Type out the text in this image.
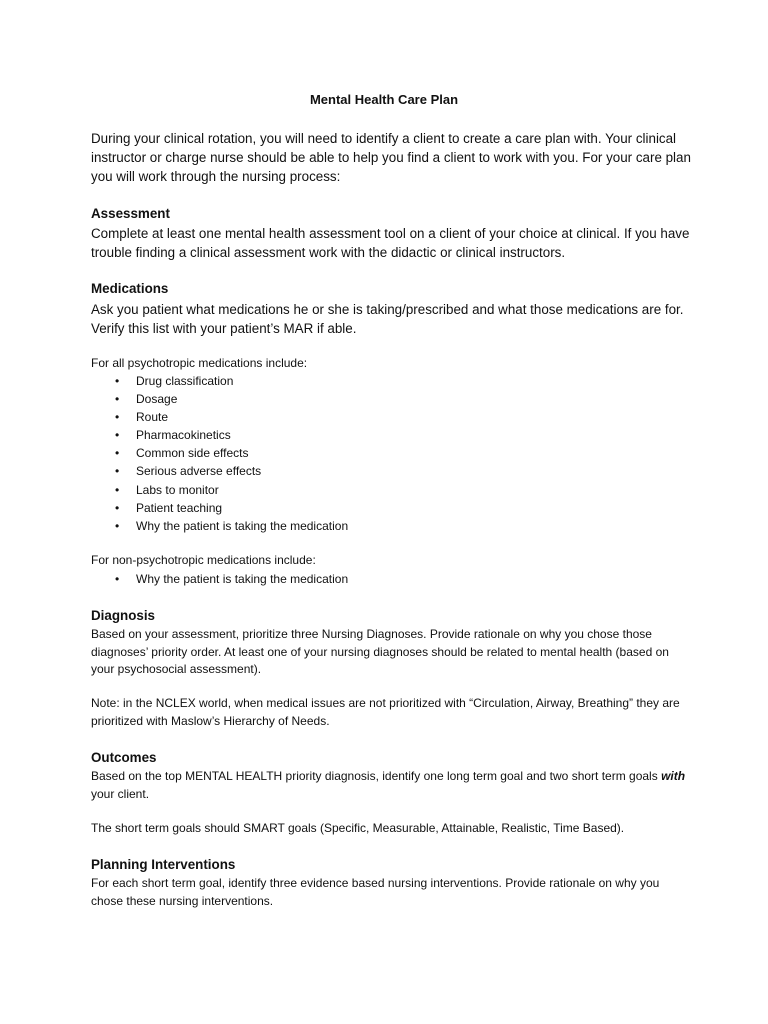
Mental Health Care Plan

During your clinical rotation, you will need to identify a client to create a care plan with. Your clinical instructor or charge nurse should be able to help you find a client to work with you. For your care plan you will work through the nursing process:

Assessment

Complete at least one mental health assessment tool on a client of your choice at clinical. If you have trouble finding a clinical assessment work with the didactic or clinical instructors.

Medications

Ask you patient what medications he or she is taking/prescribed and what those medications are for. Verify this list with your patient’s MAR if able.

For all psychotropic medications include:

• Drug classification
• Dosage
• Route
• Pharmacokinetics
• Common side effects
• Serious adverse effects
• Labs to monitor
• Patient teaching
• Why the patient is taking the medication

For non-psychotropic medications include:

• Why the patient is taking the medication

Diagnosis

Based on your assessment, prioritize three Nursing Diagnoses. Provide rationale on why you chose those diagnoses’ priority order. At least one of your nursing diagnoses should be related to mental health (based on your psychosocial assessment).

Note: in the NCLEX world, when medical issues are not prioritized with “Circulation, Airway, Breathing” they are prioritized with Maslow’s Hierarchy of Needs.

Outcomes

Based on the top MENTAL HEALTH priority diagnosis, identify one long term goal and two short term goals with your client.

The short term goals should SMART goals (Specific, Measurable, Attainable, Realistic, Time Based).

Planning Interventions

For each short term goal, identify three evidence based nursing interventions. Provide rationale on why you chose these nursing interventions.
